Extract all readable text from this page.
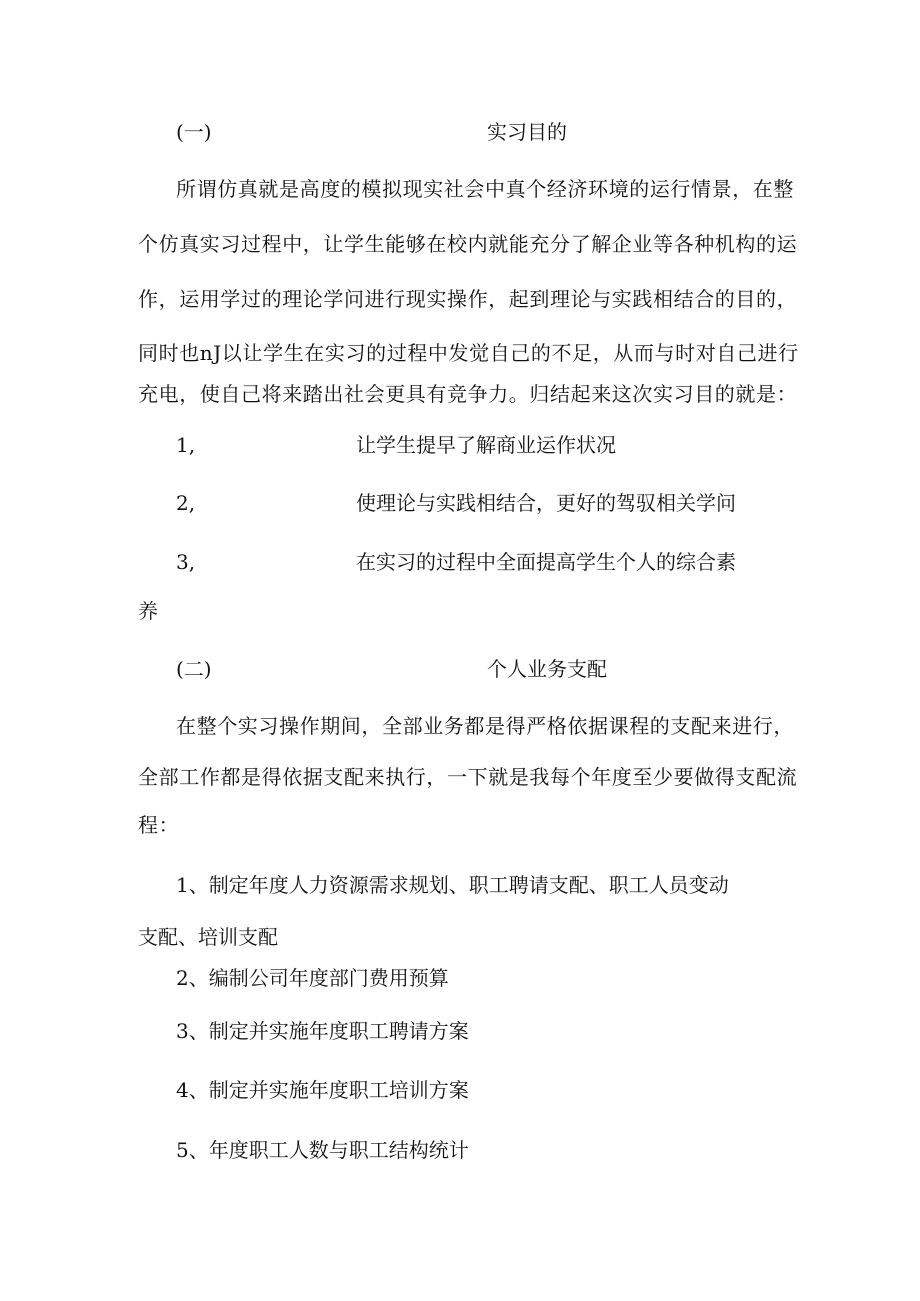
(一)	实习目的

所谓仿真就是高度的模拟现实社会中真个经济环境的运行情景，在整

个仿真实习过程中，让学生能够在校内就能充分了解企业等各种机构的运

作，运用学过的理论学问进行现实操作，起到理论与实践相结合的目的，

同时也nJ以让学生在实习的过程中发觉自己的不足，从而与时对自己进行

充电，使自己将来踏出社会更具有竞争力。归结起来这次实习目的就是：

1,	让学生提早了解商业运作状况

2,	使理论与实践相结合，更好的驾驭相关学问

3,	在实习的过程中全面提高学生个人的综合素

养

(二)	个人业务支配

在整个实习操作期间，全部业务都是得严格依据课程的支配来进行，

全部工作都是得依据支配来执行，一下就是我每个年度至少要做得支配流

程：

1、制定年度人力资源需求规划、职工聘请支配、职工人员变动

支配、培训支配

2、编制公司年度部门费用预算

3、制定并实施年度职工聘请方案

4、制定并实施年度职工培训方案

5、年度职工人数与职工结构统计
